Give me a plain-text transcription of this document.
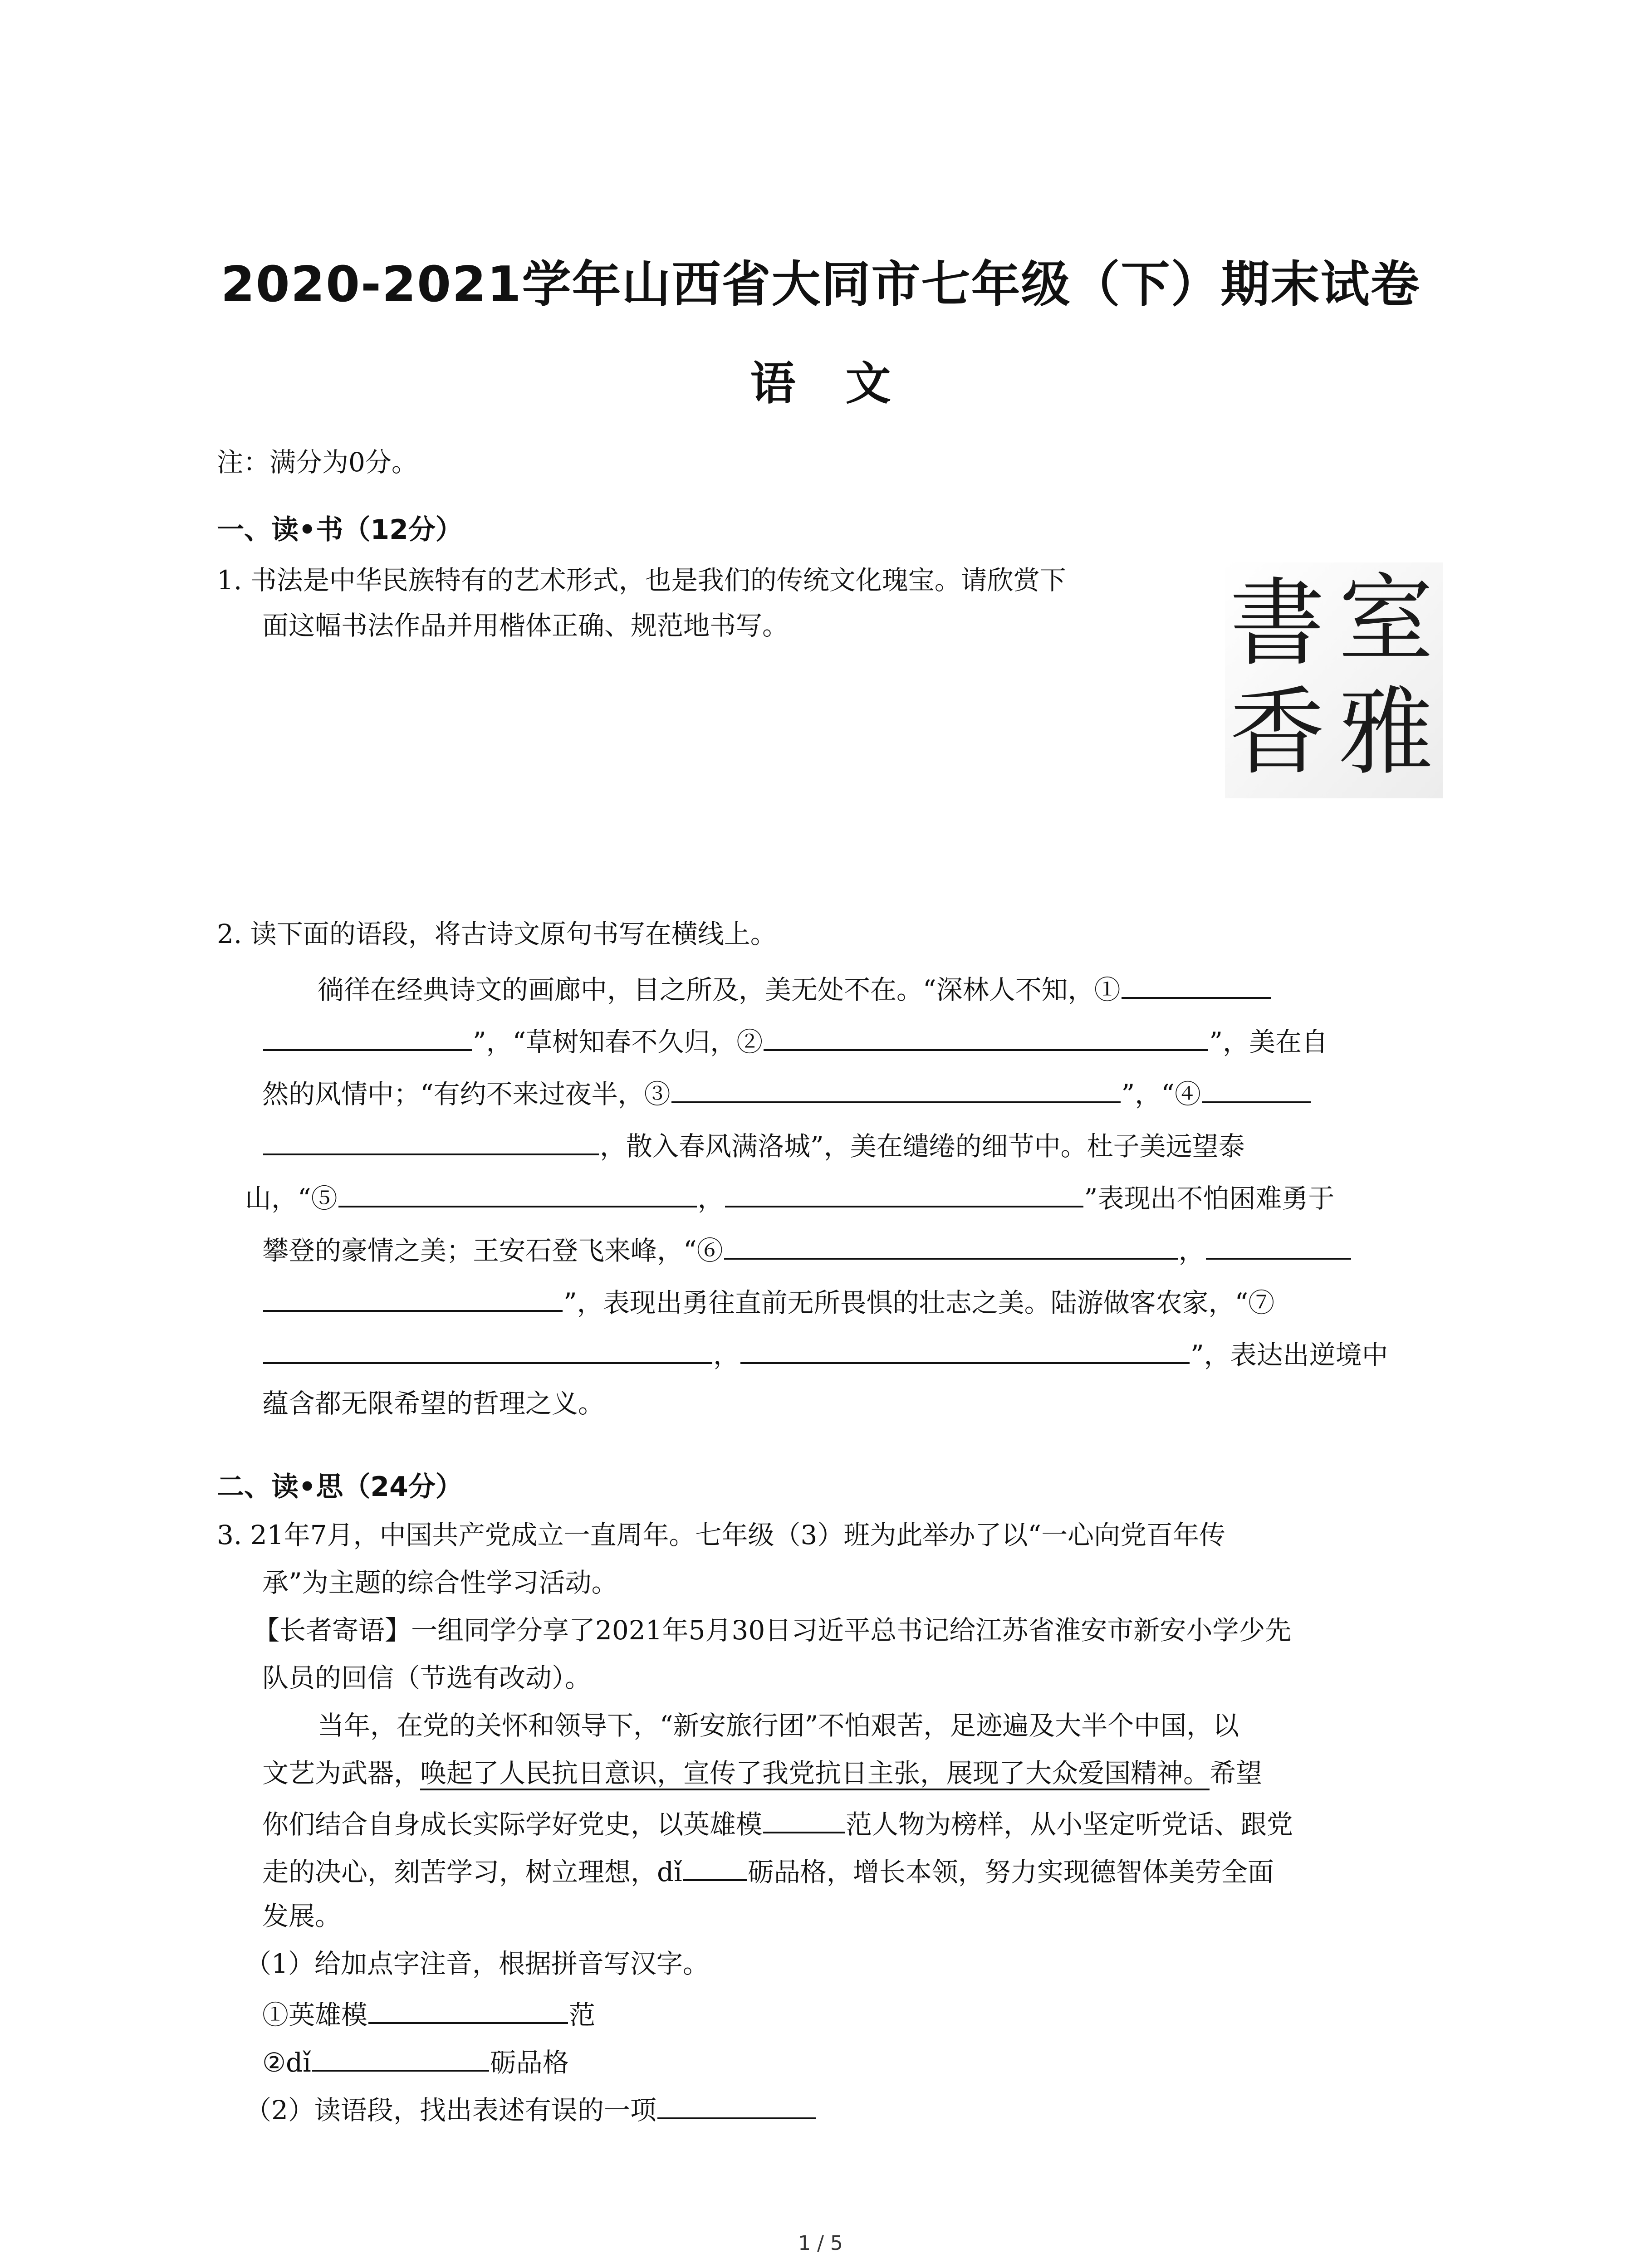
2020-2021学年山西省大同市七年级（下）期末试卷
语文
注：满分为0分。
一、读•书（12分）
1. 书法是中华民族特有的艺术形式，也是我们的传统文化瑰宝。请欣赏下
面这幅书法作品并用楷体正确、规范地书写。	書 室
香 雅
2. 读下面的语段，将古诗文原句书写在横线上。
徜徉在经典诗文的画廊中，目之所及，美无处不在。“深林人不知，①
”，“草树知春不久归，②	”，美在自
然的风情中；“有约不来过夜半，③	”，“④
，散入春风满洛城”，美在缱绻的细节中。杜子美远望泰
山，“⑤	，	”表现出不怕困难勇于
攀登的豪情之美；王安石登飞来峰，“⑥	，
”，表现出勇往直前无所畏惧的壮志之美。陆游做客农家，“⑦
，	”，表达出逆境中
蕴含都无限希望的哲理之义。
二、读•思（24分）
3. 21年7月，中国共产党成立一直周年。七年级（3）班为此举办了以“一心向党百年传
承”为主题的综合性学习活动。
【长者寄语】一组同学分享了2021年5月30日习近平总书记给江苏省淮安市新安小学少先
队员的回信（节选有改动）。
当年，在党的关怀和领导下，“新安旅行团”不怕艰苦，足迹遍及大半个中国，以
文艺为武器，唤起了人民抗日意识，宣传了我党抗日主张，展现了大众爱国精神。希望
你们结合自身成长实际学好党史，以英雄模	范人物为榜样，从小坚定听党话、跟党
走的决心，刻苦学习，树立理想，dǐ 砺品格，增长本领，努力实现德智体美劳全面
发展。
（1）给加点字注音，根据拼音写汉字。
①英雄模	范
②dǐ	砺品格
（2）读语段，找出表述有误的一项
1 / 5
